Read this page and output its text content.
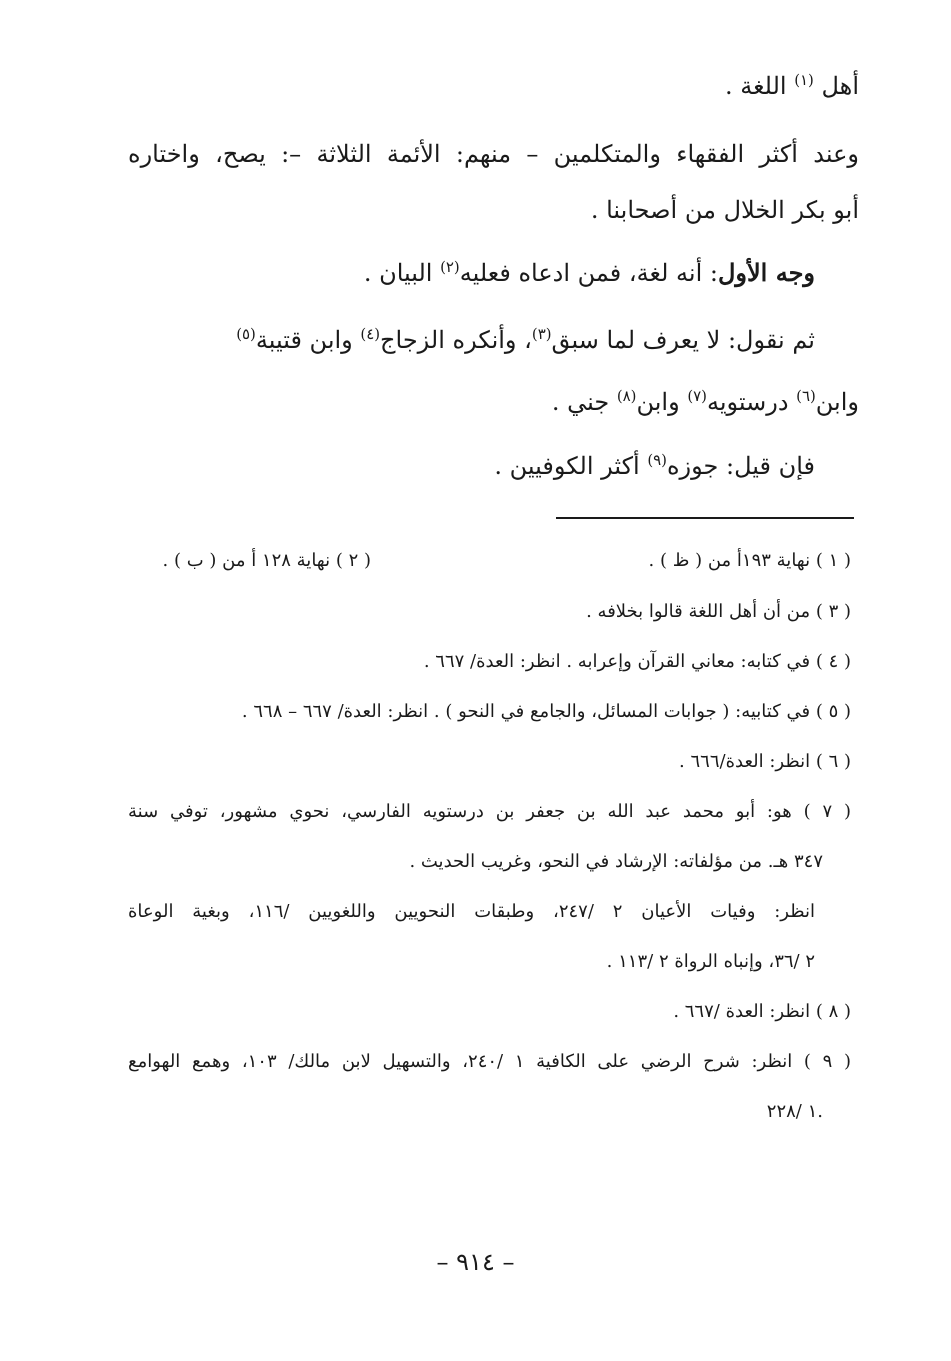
أهل $^{(١)}$ اللغة .
وعند أكثر الفقهاء والمتكلمين – منهم: الأئمة الثلاثة –: يصح، واختاره
أبو بكر الخلال من أصحابنا .
وجه الأول: أنه لغة، فمن ادعاه فعليه$^{(٢)}$ البيان .
ثم نقول: لا يعرف لما سبق$^{(٣)}$، وأنكره الزجاج$^{(٤)}$ وابن قتيبة$^{(٥)}$
وابن$^{(٦)}$ درستويه$^{(٧)}$ وابن$^{(٨)}$ جني .
فإن قيل: جوزه$^{(٩)}$ أكثر الكوفيين .
( ١ ) نهاية ١٩٣أ من ( ظ ) .
( ٢ ) نهاية ١٢٨ أ من ( ب ) .
( ٣ ) من أن أهل اللغة قالوا بخلافه .
( ٤ ) في كتابه: معاني القرآن وإعرابه . انظر: العدة/ ٦٦٧ .
( ٥ ) في كتابيه: ( جوابات المسائل، والجامع في النحو ) . انظر: العدة/ ٦٦٧ – ٦٦٨ .
( ٦ ) انظر: العدة/٦٦٦ .
( ٧ ) هو: أبو محمد عبد الله بن جعفر بن درستويه الفارسي، نحوي مشهور، توفي سنة
٣٤٧ هـ. من مؤلفاته: الإرشاد في النحو، وغريب الحديث .
انظر: وفيات الأعيان ٢ /٢٤٧، وطبقات النحويين واللغويين /١١٦، وبغية الوعاة
٢ /٣٦، وإنباه الرواة ٢ /١١٣ .
( ٨ ) انظر: العدة /٦٦٧ .
( ٩ ) انظر: شرح الرضي على الكافية ١ /٢٤٠، والتسهيل لابن مالك/ ١٠٣، وهمع الهوامع
١ /٢٢٨.
– ٩١٤ –
